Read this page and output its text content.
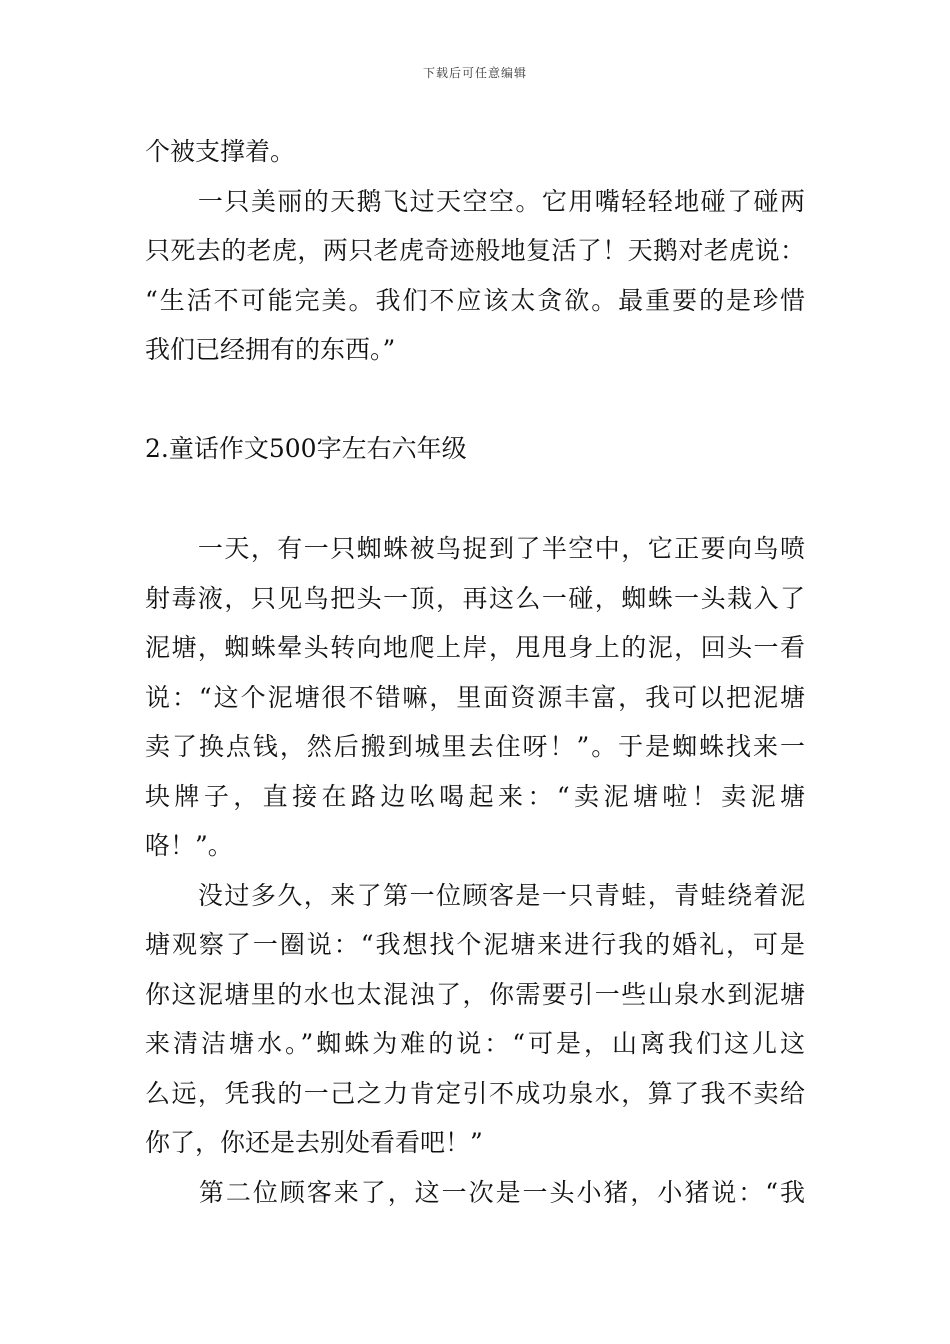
下载后可任意编辑
个被支撑着。
　　一只美丽的天鹅飞过天空空。它用嘴轻轻地碰了碰两
只死去的老虎，两只老虎奇迹般地复活了！天鹅对老虎说：
“生活不可能完美。我们不应该太贪欲。最重要的是珍惜
我们已经拥有的东西。”
2.童话作文500字左右六年级
　　一天，有一只蜘蛛被鸟捉到了半空中，它正要向鸟喷
射毒液，只见鸟把头一顶，再这么一碰，蜘蛛一头栽入了
泥塘，蜘蛛晕头转向地爬上岸，甩甩身上的泥，回头一看
说：“这个泥塘很不错嘛，里面资源丰富，我可以把泥塘
卖了换点钱，然后搬到城里去住呀！”。于是蜘蛛找来一
块牌子，直接在路边吆喝起来：“卖泥塘啦！卖泥塘
咯！”。
　　没过多久，来了第一位顾客是一只青蛙，青蛙绕着泥
塘观察了一圈说：“我想找个泥塘来进行我的婚礼，可是
你这泥塘里的水也太混浊了，你需要引一些山泉水到泥塘
来清洁塘水。”蜘蛛为难的说：“可是，山离我们这儿这
么远，凭我的一己之力肯定引不成功泉水，算了我不卖给
你了，你还是去别处看看吧！”
　　第二位顾客来了，这一次是一头小猪，小猪说：“我
